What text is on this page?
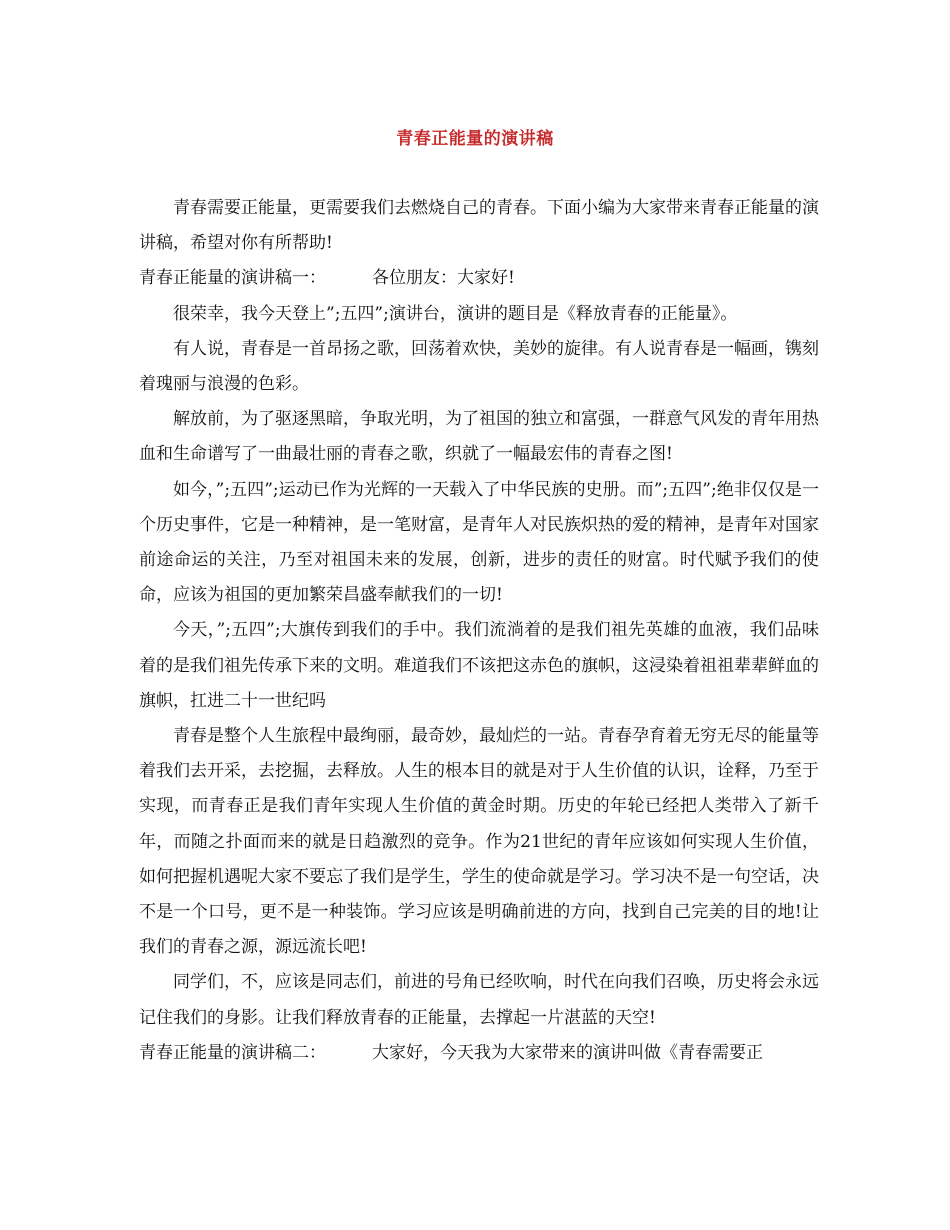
青春正能量的演讲稿

青春需要正能量，更需要我们去燃烧自己的青春。下面小编为大家带来青春正能量的演讲稿，希望对你有所帮助!

青春正能量的演讲稿一：	各位朋友：大家好!

很荣幸，我今天登上”;五四”;演讲台，演讲的题目是《释放青春的正能量》。

有人说，青春是一首昂扬之歌，回荡着欢快，美妙的旋律。有人说青春是一幅画，镌刻着瑰丽与浪漫的色彩。

解放前，为了驱逐黑暗，争取光明，为了祖国的独立和富强，一群意气风发的青年用热血和生命谱写了一曲最壮丽的青春之歌，织就了一幅最宏伟的青春之图!

如今，”;五四”;运动已作为光辉的一天载入了中华民族的史册。而”;五四”;绝非仅仅是一个历史事件，它是一种精神，是一笔财富，是青年人对民族炽热的爱的精神，是青年对国家前途命运的关注，乃至对祖国未来的发展，创新，进步的责任的财富。时代赋予我们的使命，应该为祖国的更加繁荣昌盛奉献我们的一切!

今天，”;五四”;大旗传到我们的手中。我们流淌着的是我们祖先英雄的血液，我们品味着的是我们祖先传承下来的文明。难道我们不该把这赤色的旗帜，这浸染着祖祖辈辈鲜血的旗帜，扛进二十一世纪吗

青春是整个人生旅程中最绚丽，最奇妙，最灿烂的一站。青春孕育着无穷无尽的能量等着我们去开采，去挖掘，去释放。人生的根本目的就是对于人生价值的认识，诠释，乃至于实现，而青春正是我们青年实现人生价值的黄金时期。历史的年轮已经把人类带入了新千年，而随之扑面而来的就是日趋激烈的竞争。作为21世纪的青年应该如何实现人生价值，如何把握机遇呢大家不要忘了我们是学生，学生的使命就是学习。学习决不是一句空话，决不是一个口号，更不是一种装饰。学习应该是明确前进的方向，找到自己完美的目的地!让我们的青春之源，源远流长吧!

同学们，不，应该是同志们，前进的号角已经吹响，时代在向我们召唤，历史将会永远记住我们的身影。让我们释放青春的正能量，去撑起一片湛蓝的天空!

青春正能量的演讲稿二：	大家好，今天我为大家带来的演讲叫做《青春需要正
